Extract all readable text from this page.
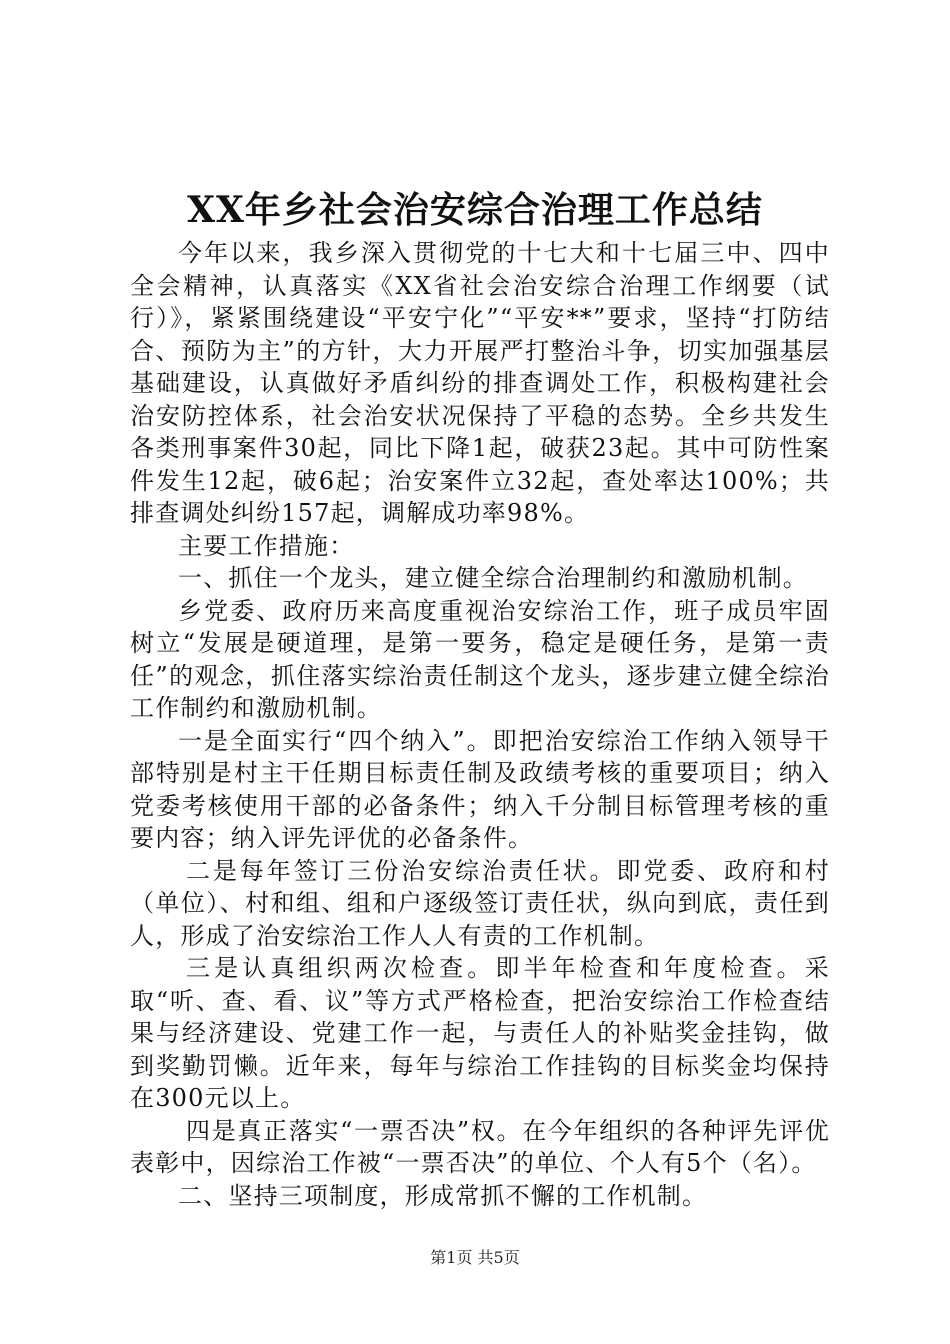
XX年乡社会治安综合治理工作总结

今年以来，我乡深入贯彻党的十七大和十七届三中、四中全会精神，认真落实《XX省社会治安综合治理工作纲要（试行）》，紧紧围绕建设“平安宁化”“平安**”要求，坚持“打防结合、预防为主”的方针，大力开展严打整治斗争，切实加强基层基础建设，认真做好矛盾纠纷的排查调处工作，积极构建社会治安防控体系，社会治安状况保持了平稳的态势。全乡共发生各类刑事案件30起，同比下降1起，破获23起。其中可防性案件发生12起，破6起；治安案件立32起，查处率达100%；共排查调处纠纷157起，调解成功率98%。

主要工作措施：

一、抓住一个龙头，建立健全综合治理制约和激励机制。

乡党委、政府历来高度重视治安综治工作，班子成员牢固树立“发展是硬道理，是第一要务，稳定是硬任务，是第一责任”的观念，抓住落实综治责任制这个龙头，逐步建立健全综治工作制约和激励机制。

一是全面实行“四个纳入”。即把治安综治工作纳入领导干部特别是村主干任期目标责任制及政绩考核的重要项目；纳入党委考核使用干部的必备条件；纳入千分制目标管理考核的重要内容；纳入评先评优的必备条件。

二是每年签订三份治安综治责任状。即党委、政府和村（单位）、村和组、组和户逐级签订责任状，纵向到底，责任到人，形成了治安综治工作人人有责的工作机制。

三是认真组织两次检查。即半年检查和年度检查。采取“听、查、看、议”等方式严格检查，把治安综治工作检查结果与经济建设、党建工作一起，与责任人的补贴奖金挂钩，做到奖勤罚懒。近年来，每年与综治工作挂钩的目标奖金均保持在300元以上。

四是真正落实“一票否决”权。在今年组织的各种评先评优表彰中，因综治工作被“一票否决”的单位、个人有5个（名）。

二、坚持三项制度，形成常抓不懈的工作机制。

第1页 共5页
